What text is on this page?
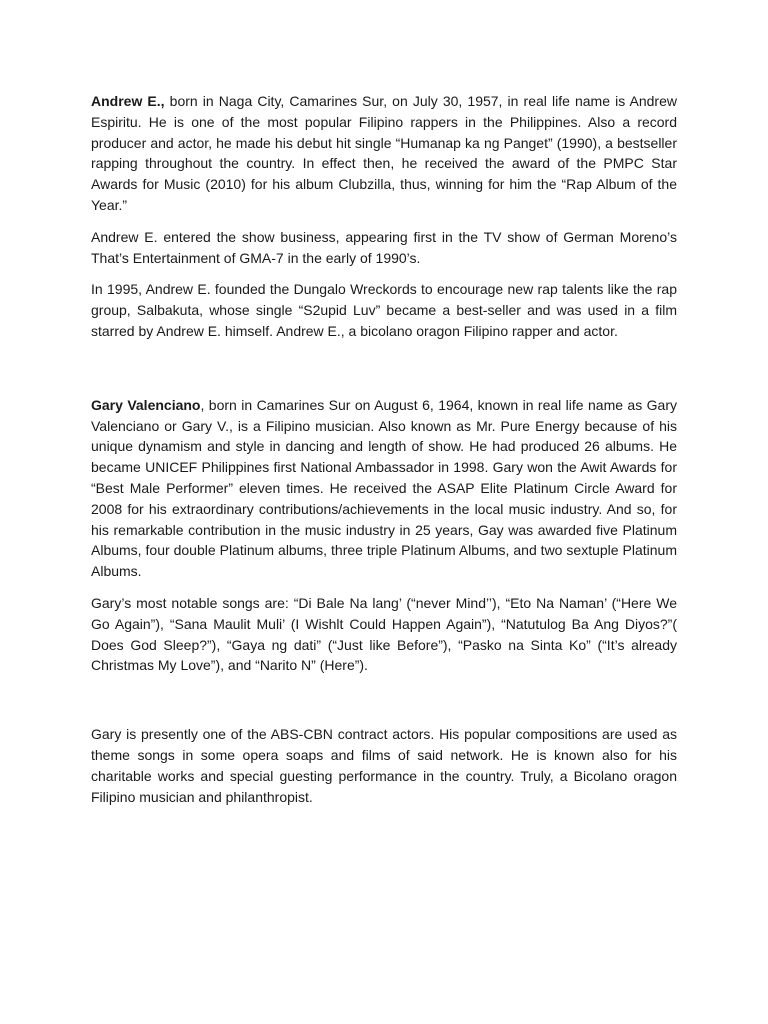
Andrew E., born in Naga City, Camarines Sur, on July 30, 1957, in real life name is Andrew Espiritu. He is one of the most popular Filipino rappers in the Philippines. Also a record producer and actor, he made his debut hit single “Humanap ka ng Panget” (1990), a bestseller rapping throughout the country. In effect then, he received the award of the PMPC Star Awards for Music (2010) for his album Clubzilla, thus, winning for him the “Rap Album of the Year.”

Andrew E. entered the show business, appearing first in the TV show of German Moreno’s That’s Entertainment of GMA-7 in the early of 1990’s.

In 1995, Andrew E. founded the Dungalo Wreckords to encourage new rap talents like the rap group, Salbakuta, whose single “S2upid Luv” became a best-seller and was used in a film starred by Andrew E. himself. Andrew E., a bicolano oragon Filipino rapper and actor.

Gary Valenciano, born in Camarines Sur on August 6, 1964, known in real life name as Gary Valenciano or Gary V., is a Filipino musician. Also known as Mr. Pure Energy because of his unique dynamism and style in dancing and length of show. He had produced 26 albums. He became UNICEF Philippines first National Ambassador in 1998. Gary won the Awit Awards for “Best Male Performer” eleven times. He received the ASAP Elite Platinum Circle Award for 2008 for his extraordinary contributions/achievements in the local music industry. And so, for his remarkable contribution in the music industry in 25 years, Gay was awarded five Platinum Albums, four double Platinum albums, three triple Platinum Albums, and two sextuple Platinum Albums.

Gary’s most notable songs are: “Di Bale Na lang’ (“never Mind’’), “Eto Na Naman’ (“Here We Go Again”), “Sana Maulit Muli’ (I Wishlt Could Happen Again”), “Natutulog Ba Ang Diyos?”( Does God Sleep?”), “Gaya ng dati” (“Just like Before”), “Pasko na Sinta Ko” (“It’s already Christmas My Love”), and “Narito N” (Here”).

Gary is presently one of the ABS-CBN contract actors. His popular compositions are used as theme songs in some opera soaps and films of said network. He is known also for his charitable works and special guesting performance in the country. Truly, a Bicolano oragon Filipino musician and philanthropist.
